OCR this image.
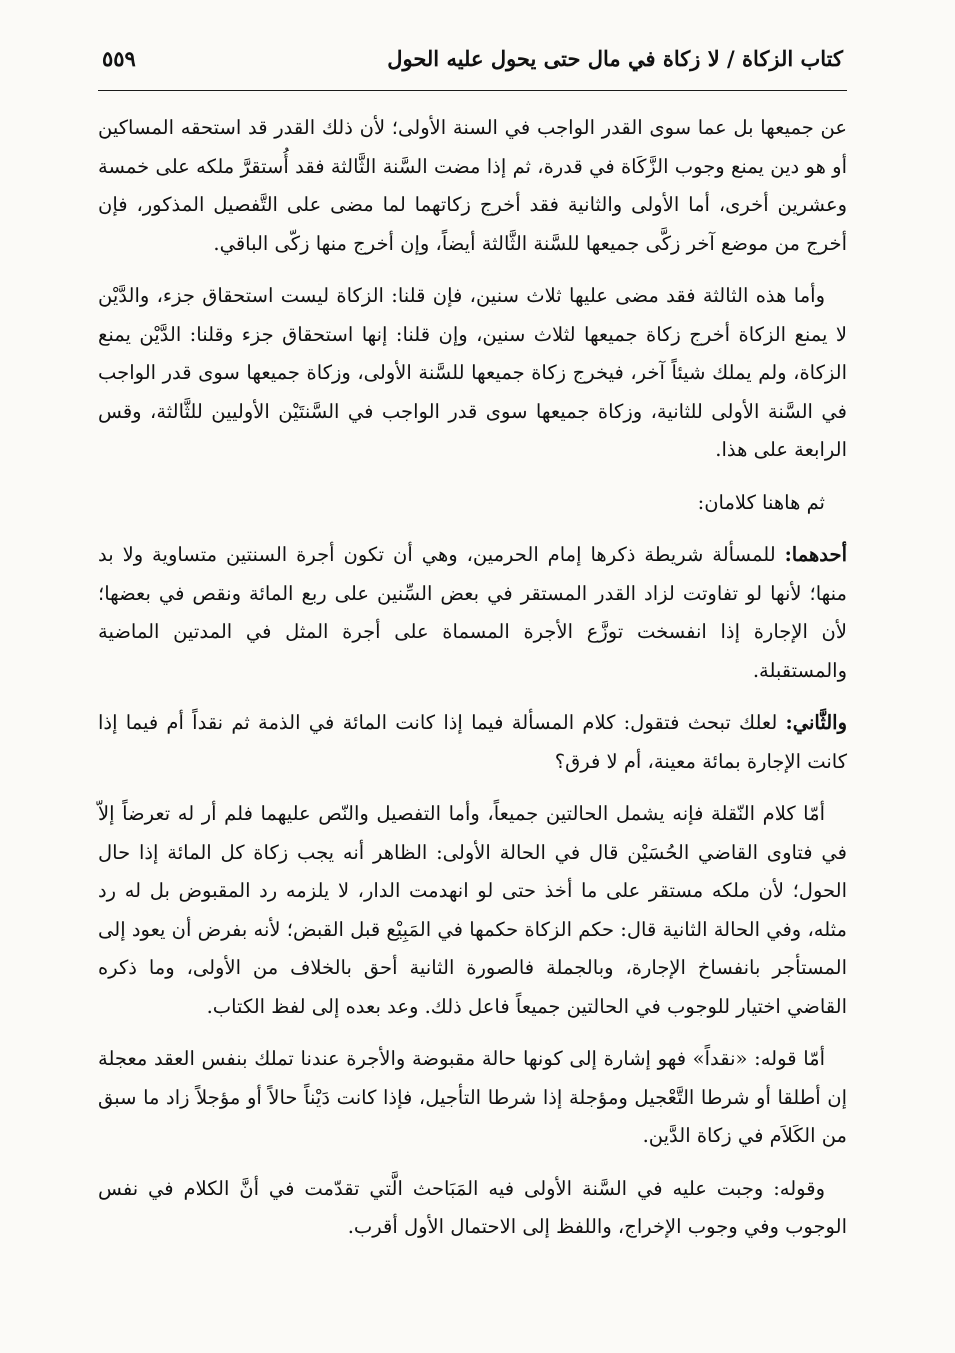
كتاب الزكاة / لا زكاة في مال حتى يحول عليه الحول
٥٥٩

عن جميعها بل عما سوى القدر الواجب في السنة الأولى؛ لأن ذلك القدر قد استحقه المساكين أو هو دين يمنع وجوب الزَّكَاة في قدرة، ثم إذا مضت السَّنة الثَّالثة فقد أُستقرَّ ملكه على خمسة وعشرين أخرى، أما الأولى والثانية فقد أخرج زكاتهما لما مضى على التَّفصيل المذكور، فإن أخرج من موضع آخر زكَّى جميعها للسَّنة الثَّالثة أيضاً، وإن أخرج منها زكّى الباقي.

وأما هذه الثالثة فقد مضى عليها ثلاث سنين، فإن قلنا: الزكاة ليست استحقاق جزء، والدَّيْن لا يمنع الزكاة أخرج زكاة جميعها لثلاث سنين، وإن قلنا: إنها استحقاق جزء وقلنا: الدَّيْن يمنع الزكاة، ولم يملك شيئاً آخر، فيخرج زكاة جميعها للسَّنة الأولى، وزكاة جميعها سوى قدر الواجب في السَّنة الأولى للثانية، وزكاة جميعها سوى قدر الواجب في السَّنتَيْن الأوليين للثَّالثة، وقس الرابعة على هذا.

ثم هاهنا كلامان:

أحدهما: للمسألة شريطة ذكرها إمام الحرمين، وهي أن تكون أجرة السنتين متساوية ولا بد منها؛ لأنها لو تفاوتت لزاد القدر المستقر في بعض السِّنين على ربع المائة ونقص في بعضها؛ لأن الإجارة إذا انفسخت توزَّع الأجرة المسماة على أجرة المثل في المدتين الماضية والمستقبلة.

والثَّاني: لعلك تبحث فتقول: كلام المسألة فيما إذا كانت المائة في الذمة ثم نقداً أم فيما إذا كانت الإجارة بمائة معينة، أم لا فرق؟

أمّا كلام النّقلة فإنه يشمل الحالتين جميعاً، وأما التفصيل والنّص عليهما فلم أر له تعرضاً إلاّ في فتاوى القاضي الحُسَيْن قال في الحالة الأولى: الظاهر أنه يجب زكاة كل المائة إذا حال الحول؛ لأن ملكه مستقر على ما أخذ حتى لو انهدمت الدار، لا يلزمه رد المقبوض بل له رد مثله، وفي الحالة الثانية قال: حكم الزكاة حكمها في المَبِيْع قبل القبض؛ لأنه بفرض أن يعود إلى المستأجر بانفساخ الإجارة، وبالجملة فالصورة الثانية أحق بالخلاف من الأولى، وما ذكره القاضي اختيار للوجوب في الحالتين جميعاً فاعل ذلك. وعد بعده إلى لفظ الكتاب.

أمّا قوله: «نقداً» فهو إشارة إلى كونها حالة مقبوضة والأجرة عندنا تملك بنفس العقد معجلة إن أطلقا أو شرطا التَّعْجيل ومؤجلة إذا شرطا التأجيل، فإذا كانت دَيْناً حالاً أو مؤجلاً زاد ما سبق من الكَلاَم في زكاة الدَّين.

وقوله: وجبت عليه في السَّنة الأولى فيه المَبَاحث الَّتي تقدّمت في أنَّ الكلام في نفس الوجوب وفي وجوب الإخراج، واللفظ إلى الاحتمال الأول أقرب.
